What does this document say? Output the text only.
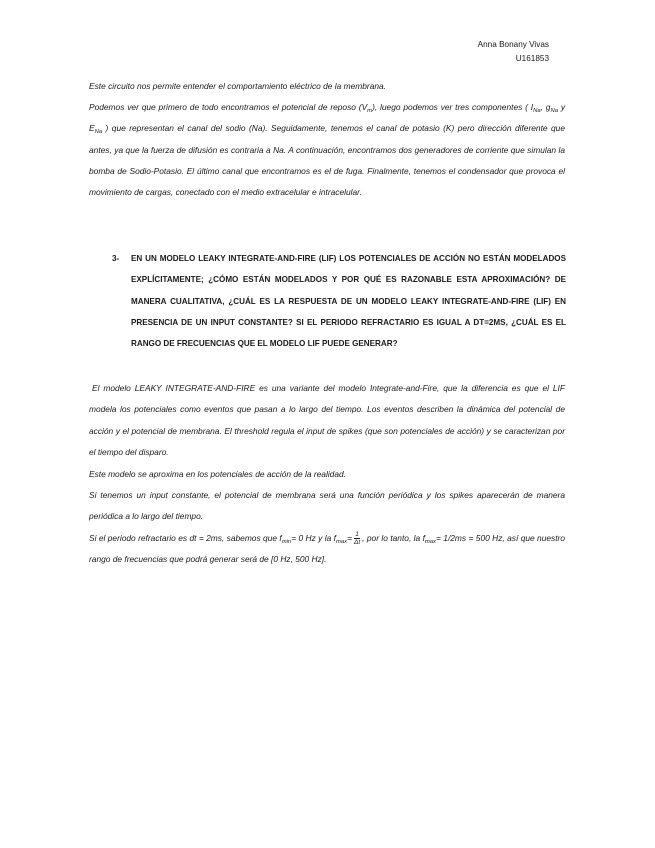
Anna Bonany Vivas
U161853

Este circuito nos permite entender el comportamiento eléctrico de la membrana.

Podemos ver que primero de todo encontramos el potencial de reposo $(V_m)$, luego podemos ver tres componentes ( $I_{Na}$, $g_{Na}$ y $E_{Na}$ ) que representan el canal del sodio (Na). Seguidamente, tenemos el canal de potasio (K) pero dirección diferente que antes, ya que la fuerza de difusión es contraria a Na. A continuación, encontramos dos generadores de corriente que simulan la bomba de Sodio-Potasio. El último canal que encontramos es el de fuga. Finalmente, tenemos el condensador que provoca el movimiento de cargas, conectado con el medio extracelular e intracelular.

3- EN UN MODELO LEAKY INTEGRATE-AND-FIRE (LIF) LOS POTENCIALES DE ACCIÓN NO ESTÁN MODELADOS
EXPLÍCITAMENTE; ¿CÓMO ESTÁN MODELADOS Y POR QUÉ ES RAZONABLE ESTA APROXIMACIÓN? DE
MANERA CUALITATIVA, ¿CUÁL ES LA RESPUESTA DE UN MODELO LEAKY INTEGRATE-AND-FIRE (LIF) EN
PRESENCIA DE UN INPUT CONSTANTE? SI EL PERIODO REFRACTARIO ES IGUAL A DT=2MS, ¿CUÁL ES EL
RANGO DE FRECUENCIAS QUE EL MODELO LIF PUEDE GENERAR?

El modelo LEAKY INTEGRATE-AND-FIRE es una variante del modelo Integrate-and-Fire, que la diferencia es que el LIF modela los potenciales como eventos que pasan a lo largo del tiempo. Los eventos describen la dinámica del potencial de acción y el potencial de membrana. El threshold regula el input de spikes (que son potenciales de acción) y se caracterizan por el tiempo del disparo.

Este modelo se aproxima en los potenciales de acción de la realidad.

Si tenemos un input constante, el potencial de membrana será una función periódica y los spikes aparecerán de manera periódica a lo largo del tiempo.

Si el periodo refractario es dt = 2ms, sabemos que $f_{min}= 0$ Hz y la $f_{max}= \frac{1}{\Delta t}$ , por lo tanto, la $f_{max}= 1/2ms = 500$ Hz, así que nuestro rango de frecuencias que podrá generar será de [0 Hz, 500 Hz].
